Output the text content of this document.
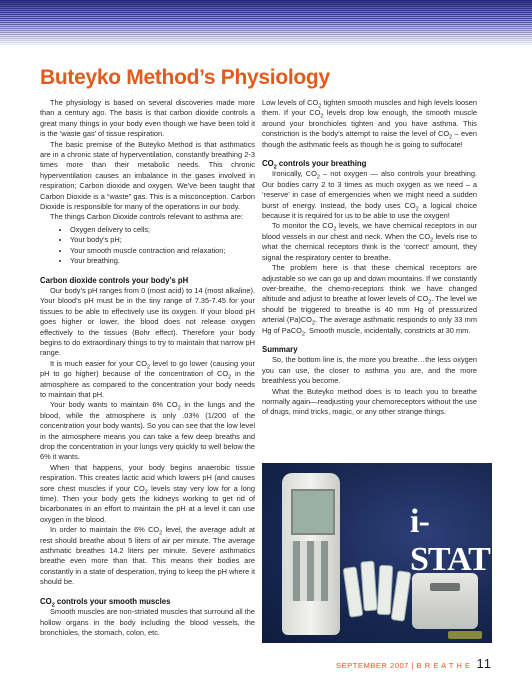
Buteyko Method’s Physiology

The physiology is based on several discoveries made more than a century ago. The basis is that carbon dioxide controls a great many things in your body even though we have been told it is the ‘waste gas’ of tissue respiration.

The basic premise of the Buteyko Method is that asthmatics are in a chronic state of hyperventilation, constantly breathing 2-3 times more than their metabolic needs. This chronic hyperventilation causes an imbalance in the gases involved in respiration; Carbon dioxide and oxygen. We’ve been taught that Carbon Dioxide is a “waste” gas. This is a misconception. Carbon Dioxide is responsible for many of the operations in our body.

The things Carbon Dioxide controls relevant to asthma are:

• Oxygen delivery to cells;
• Your body’s pH;
• Your smooth muscle contraction and relaxation;
• Your breathing.
Carbon dioxide controls your body’s pH

Our body’s pH ranges from 0 (most acid) to 14 (most alkaline). Your blood’s pH must be in the tiny range of 7.35-7.45 for your tissues to be able to effectively use its oxygen. If your blood pH goes higher or lower, the blood does not release oxygen effectively to the tissues (Bohr effect). Therefore your body begins to do extraordinary things to try to maintain that narrow pH range.

It is much easier for your $CO_2$ level to go lower (causing your pH to go higher) because of the concentration of $CO_2$ in the atmosphere as compared to the concentration your body needs to maintain that pH.

Your body wants to maintain 6% $CO_2$ in the lungs and the blood, while the atmosphere is only .03% (1/200 of the concentration your body wants). So you can see that the low level in the atmosphere means you can take a few deep breaths and drop the concentration in your lungs very quickly to well below the 6% it wants.

When that happens, your body begins anaerobic tissue respiration. This creates lactic acid which lowers pH (and causes sore chest muscles if your $CO_2$ levels stay very low for a long time). Then your body gets the kidneys working to get rid of bicarbonates in an effort to maintain the pH at a level it can use oxygen in the blood.

In order to maintain the 6% $CO_2$ level, the average adult at rest should breathe about 5 liters of air per minute. The average asthmatic breathes 14.2 liters per minute. Severe asthmatics breathe even more than that. This means their bodies are constantly in a state of desperation, trying to keep the pH where it should be.

$CO_2$ controls your smooth muscles

Smooth muscles are non-striated muscles that surround all the hollow organs in the body including the blood vessels, the bronchioles, the stomach, colon, etc.

Low levels of $CO_2$ tighten smooth muscles and high levels loosen them. If your $CO_2$ levels drop low enough, the smooth muscle around your bronchioles tighten and you have asthma. This constriction is the body’s attempt to raise the level of $CO_2$ – even though the asthmatic feels as though he is going to suffocate!

$CO_2$ controls your breathing

Ironically, $CO_2$ – not oxygen — also controls your breathing. Our bodies carry 2 to 3 times as much oxygen as we need – a ‘reserve’ in case of emergencies when we might need a sudden burst of energy. Instead, the body uses $CO_2$ a logical choice because it is required for us to be able to use the oxygen!

To monitor the $CO_2$ levels, we have chemical receptors in our blood vessels in our chest and neck. When the $CO_2$ levels rise to what the chemical receptors think is the ‘correct’ amount, they signal the respiratory center to breathe.

The problem here is that these chemical receptors are adjustable so we can go up and down mountains. If we constantly over-breathe, the chemo-receptors think we have changed altitude and adjust to breathe at lower levels of $CO_2$. The level we should be triggered to breathe is 40 mm Hg of pressurized arterial $(Pa)CO_2$. The average asthmatic responds to only 33 mm Hg of PaCO$_2$. Smooth muscle, incidentally, constricts at 30 mm.

Summary

So, the bottom line is, the more you breathe…the less oxygen you can use, the closer to asthma you are, and the more breathless you become.

What the Buteyko method does is to teach you to breathe normally again—readjusting your chemoreceptors without the use of drugs, mind tricks, magic, or any other strange things.

i-STAT
SEPTEMBER 2007 | B R E A T H E 11
